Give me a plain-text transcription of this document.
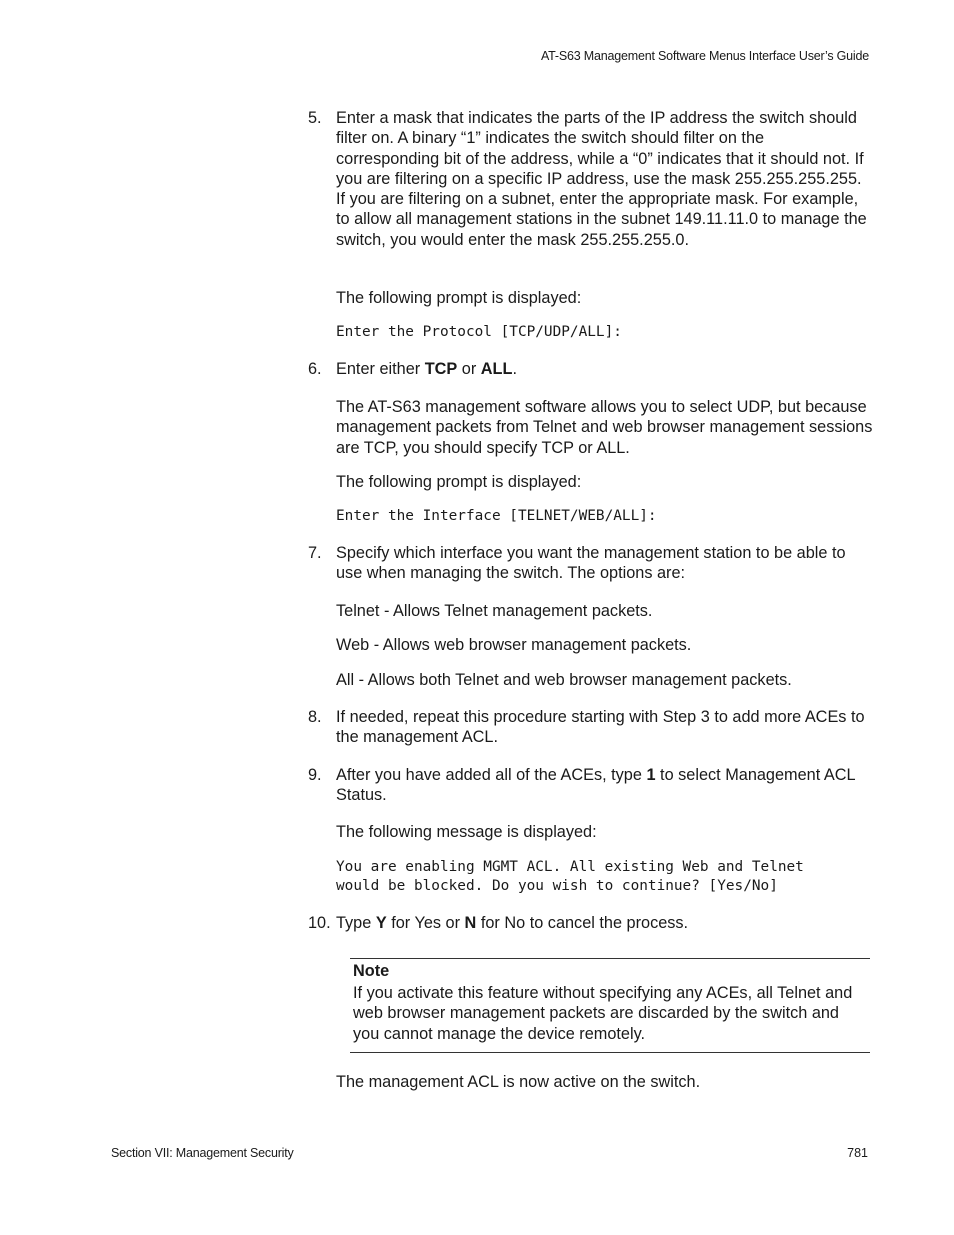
AT-S63 Management Software Menus Interface User’s Guide
5. Enter a mask that indicates the parts of the IP address the switch should filter on. A binary “1” indicates the switch should filter on the corresponding bit of the address, while a “0” indicates that it should not. If you are filtering on a specific IP address, use the mask 255.255.255.255. If you are filtering on a subnet, enter the appropriate mask. For example, to allow all management stations in the subnet 149.11.11.0 to manage the switch, you would enter the mask 255.255.255.0.
The following prompt is displayed:
Enter the Protocol [TCP/UDP/ALL]:
6. Enter either TCP or ALL.
The AT-S63 management software allows you to select UDP, but because management packets from Telnet and web browser management sessions are TCP, you should specify TCP or ALL.
The following prompt is displayed:
Enter the Interface [TELNET/WEB/ALL]:
7. Specify which interface you want the management station to be able to use when managing the switch. The options are:
Telnet - Allows Telnet management packets.
Web - Allows web browser management packets.
All - Allows both Telnet and web browser management packets.
8. If needed, repeat this procedure starting with Step 3 to add more ACEs to the management ACL.
9. After you have added all of the ACEs, type 1 to select Management ACL Status.
The following message is displayed:
You are enabling MGMT ACL. All existing Web and Telnet
would be blocked. Do you wish to continue? [Yes/No]
10. Type Y for Yes or N for No to cancel the process.
Note
If you activate this feature without specifying any ACEs, all Telnet and web browser management packets are discarded by the switch and you cannot manage the device remotely.
The management ACL is now active on the switch.
Section VII: Management Security	781
